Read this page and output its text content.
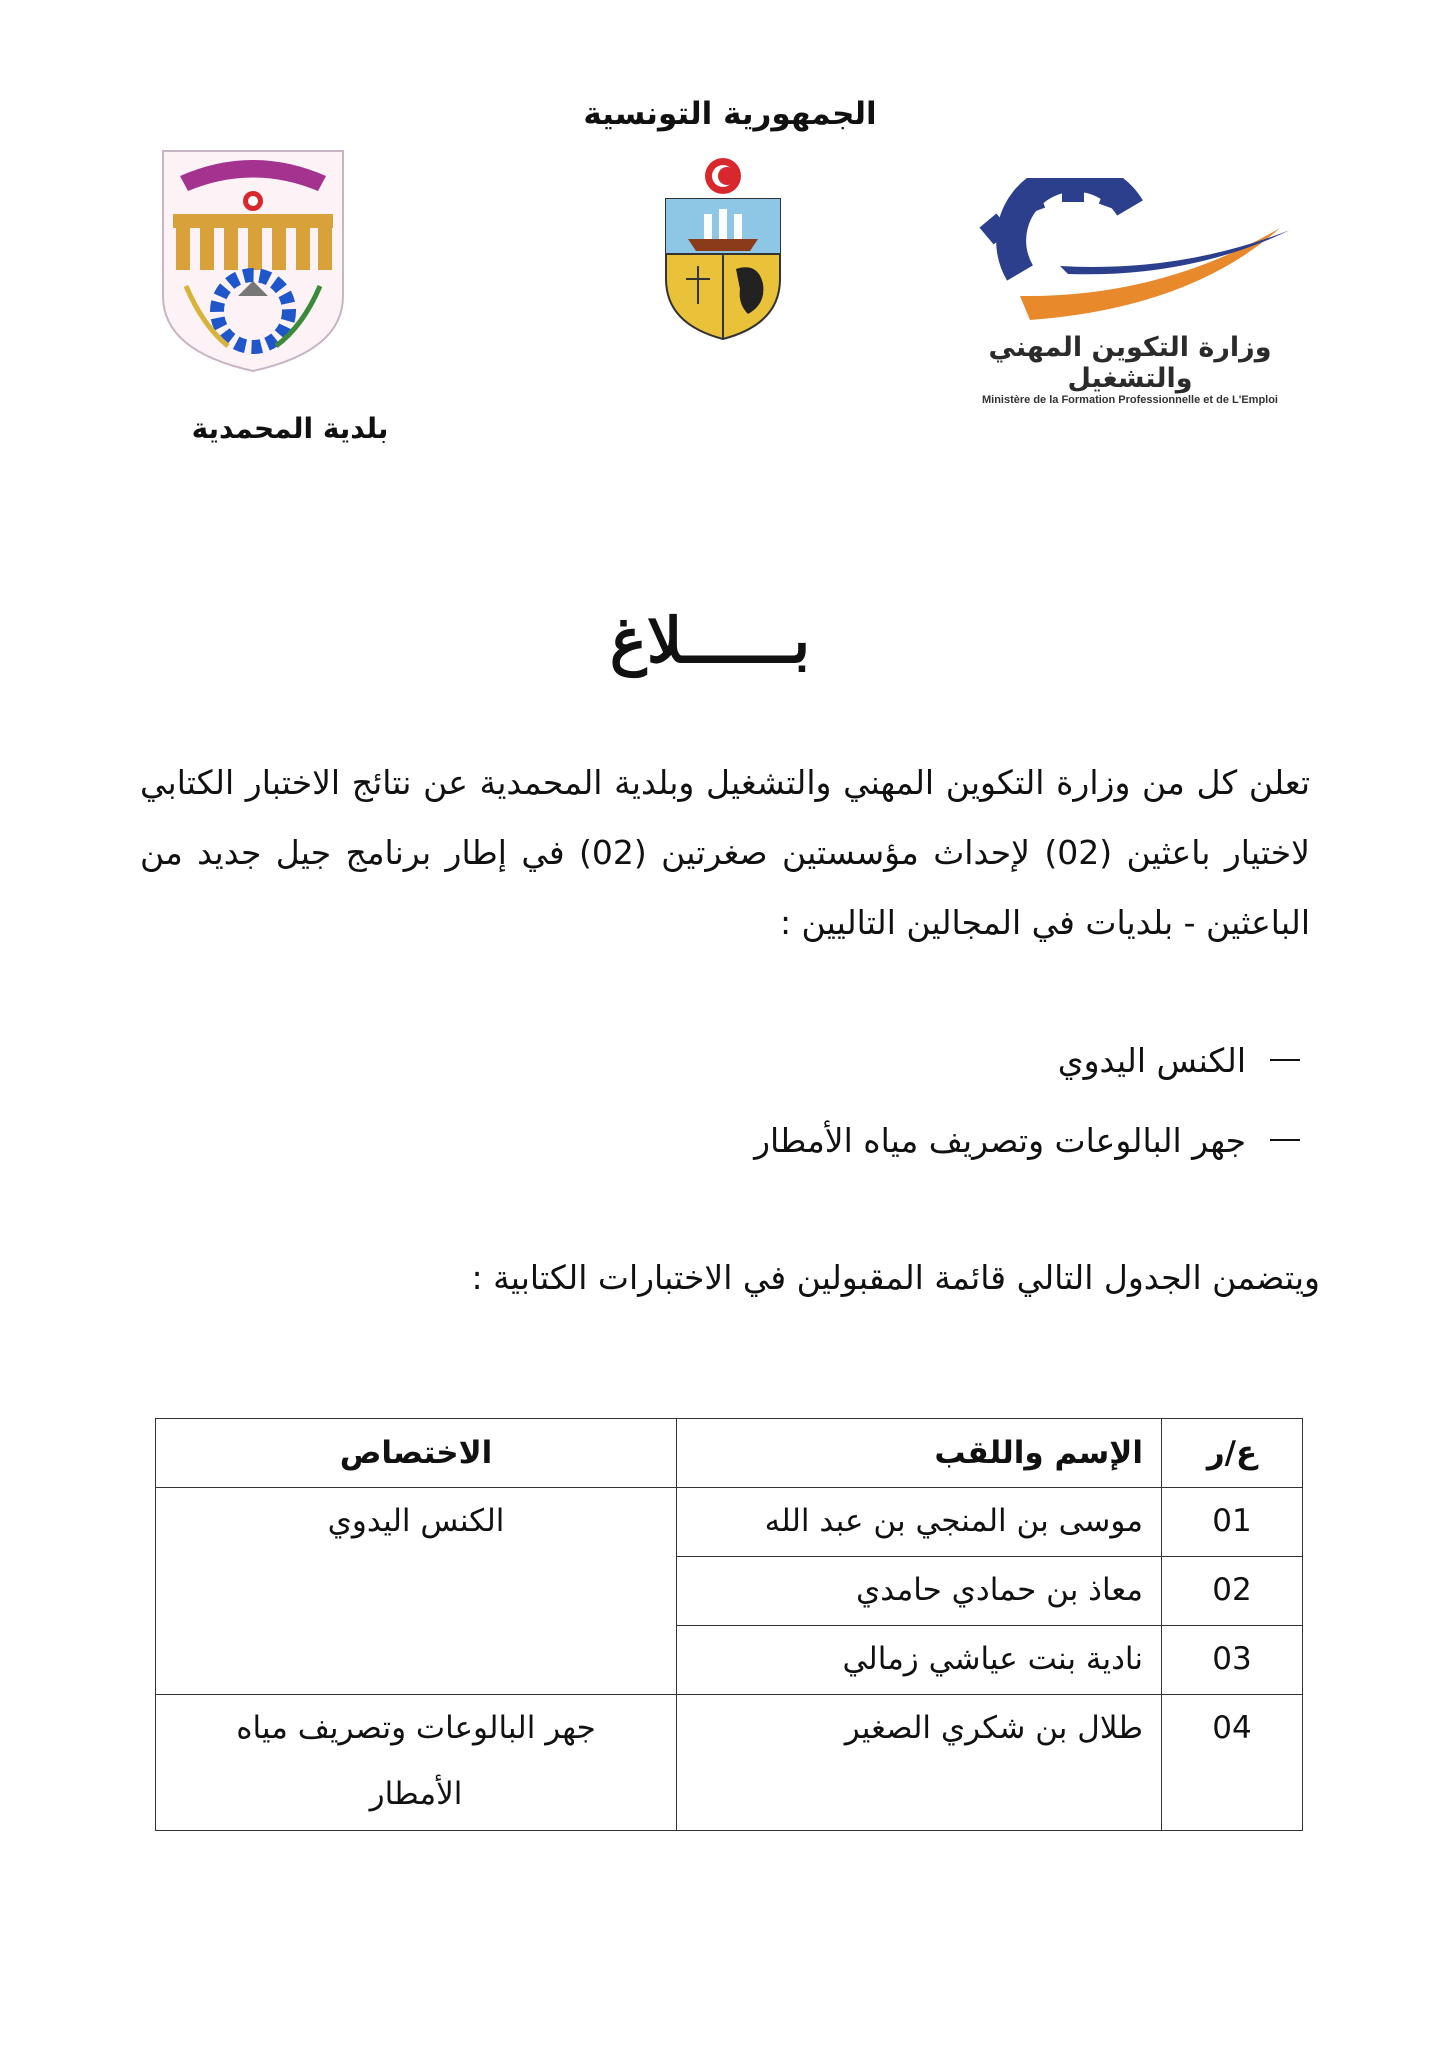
بلدية المحمدية
الجمهورية التونسية
وزارة التكوين المهني والتشغيل
Ministère de la Formation Professionnelle et de L'Emploi
بــــــلاغ
تعلن كل من وزارة التكوين المهني والتشغيل وبلدية المحمدية عن نتائج الاختبار الكتابي لاختيار باعثين (02) لإحداث مؤسستين صغرتين (02) في إطار برنامج جيل جديد من الباعثين - بلديات في المجالين التاليين :
الكنس اليدوي
جهر البالوعات وتصريف مياه الأمطار
ويتضمن الجدول التالي قائمة المقبولين في الاختبارات الكتابية :
ع/ر	الإسم واللقب	الاختصاص
01	موسى بن المنجي بن عبد الله	الكنس اليدوي
02	معاذ بن حمادي حامدي	
03	نادية بنت عياشي زمالي	
04	طلال بن شكري الصغير	جهر البالوعات وتصريف مياه الأمطار
